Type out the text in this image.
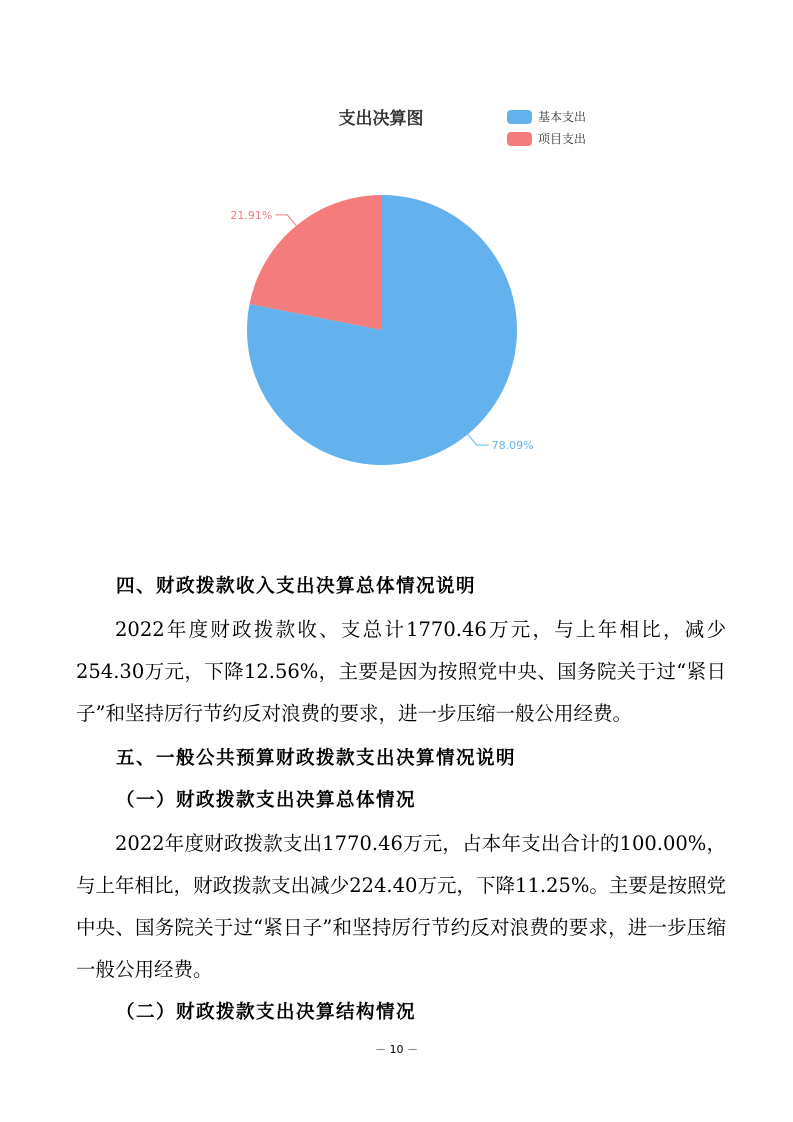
支出决算图	基本支出
项目支出
78.09%
21.91%
四、财政拨款收入支出决算总体情况说明
2022年度财政拨款收、支总计1770.46万元，与上年相比，减少254.30万元，下降12.56%，主要是因为按照党中央、国务院关于过“紧日子”和坚持厉行节约反对浪费的要求，进一步压缩一般公用经费。
五、一般公共预算财政拨款支出决算情况说明
（一）财政拨款支出决算总体情况
2022年度财政拨款支出1770.46万元，占本年支出合计的100.00%，与上年相比，财政拨款支出减少224.40万元，下降11.25%。主要是按照党中央、国务院关于过“紧日子”和坚持厉行节约反对浪费的要求，进一步压缩一般公用经费。
（二）财政拨款支出决算结构情况
－ 10 －
